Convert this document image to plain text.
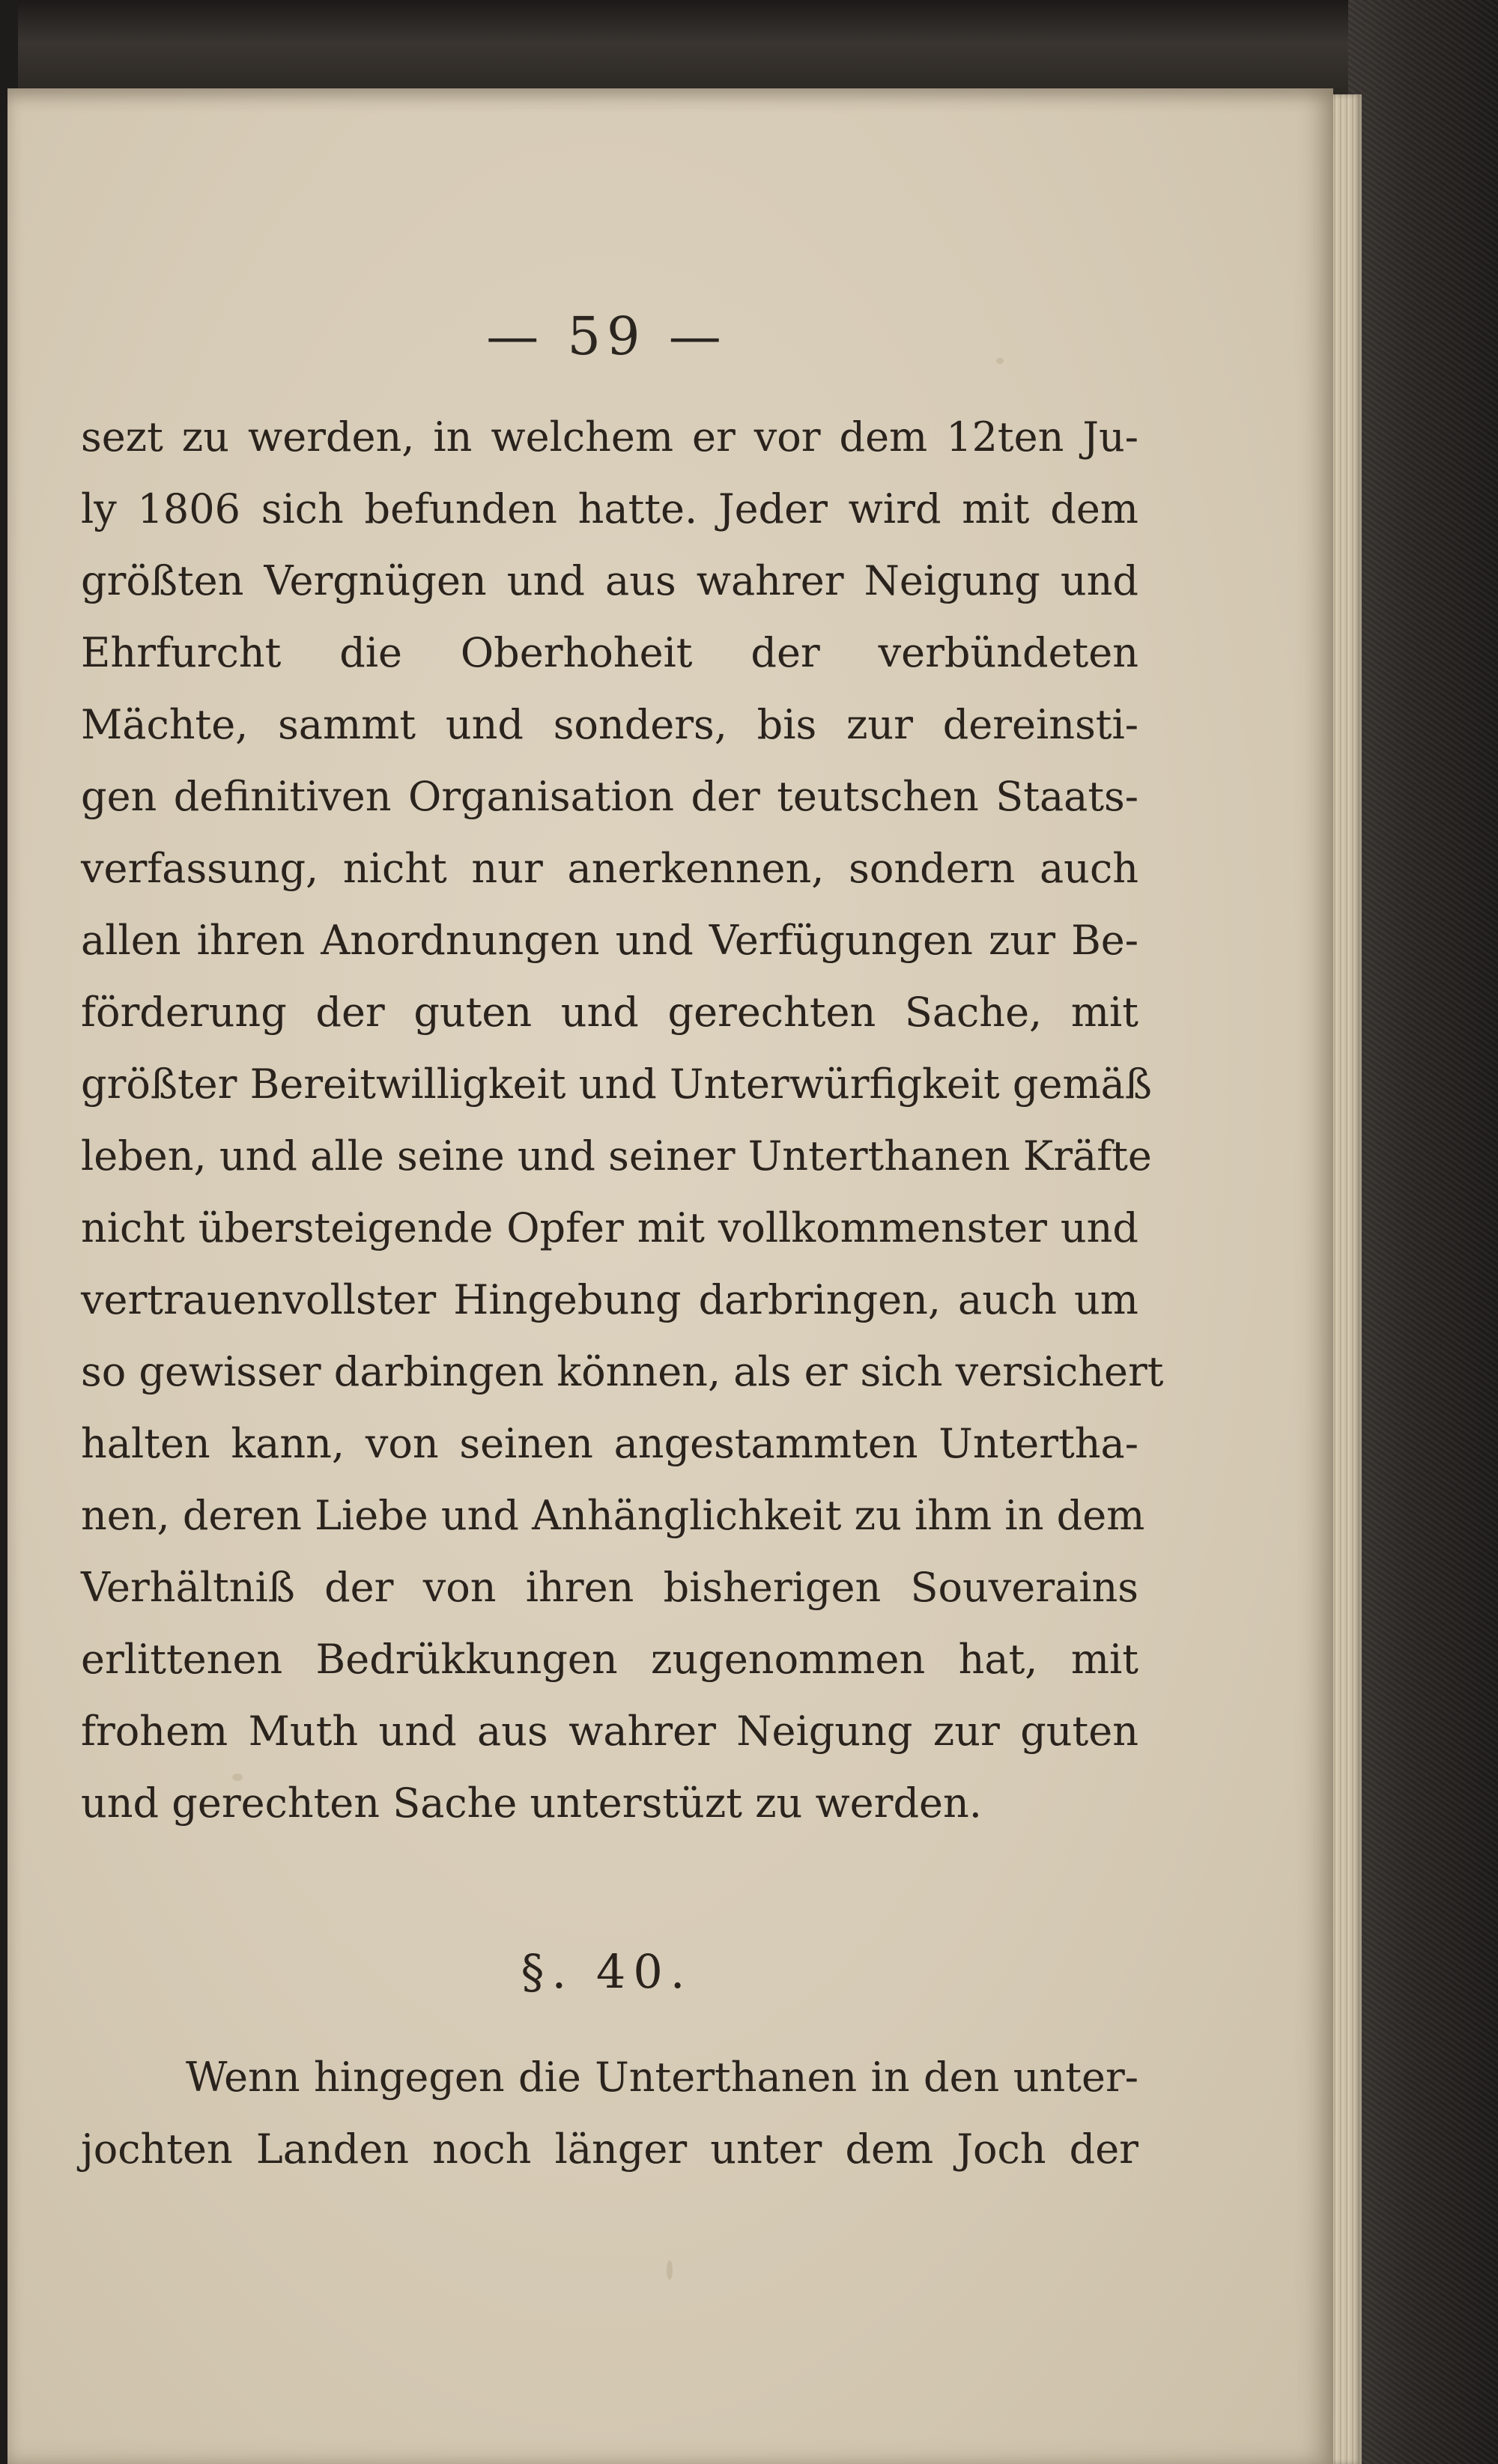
— 59 —
sezt zu werden, in welchem er vor dem 12ten Ju-
ly 1806 sich befunden hatte. Jeder wird mit dem
größten Vergnügen und aus wahrer Neigung und
Ehrfurcht die Oberhoheit der verbündeten
Mächte, sammt und sonders, bis zur dereinsti-
gen definitiven Organisation der teutschen Staats-
verfassung, nicht nur anerkennen, sondern auch
allen ihren Anordnungen und Verfügungen zur Be-
förderung der guten und gerechten Sache, mit
größter Bereitwilligkeit und Unterwürfigkeit gemäß
leben, und alle seine und seiner Unterthanen Kräfte
nicht übersteigende Opfer mit vollkommenster und
vertrauenvollster Hingebung darbringen, auch um
so gewisser darbingen können, als er sich versichert
halten kann, von seinen angestammten Untertha-
nen, deren Liebe und Anhänglichkeit zu ihm in dem
Verhältniß der von ihren bisherigen Souverains
erlittenen Bedrükkungen zugenommen hat, mit
frohem Muth und aus wahrer Neigung zur guten
und gerechten Sache unterstüzt zu werden.
§. 40.
Wenn hingegen die Unterthanen in den unter-
jochten Landen noch länger unter dem Joch der
